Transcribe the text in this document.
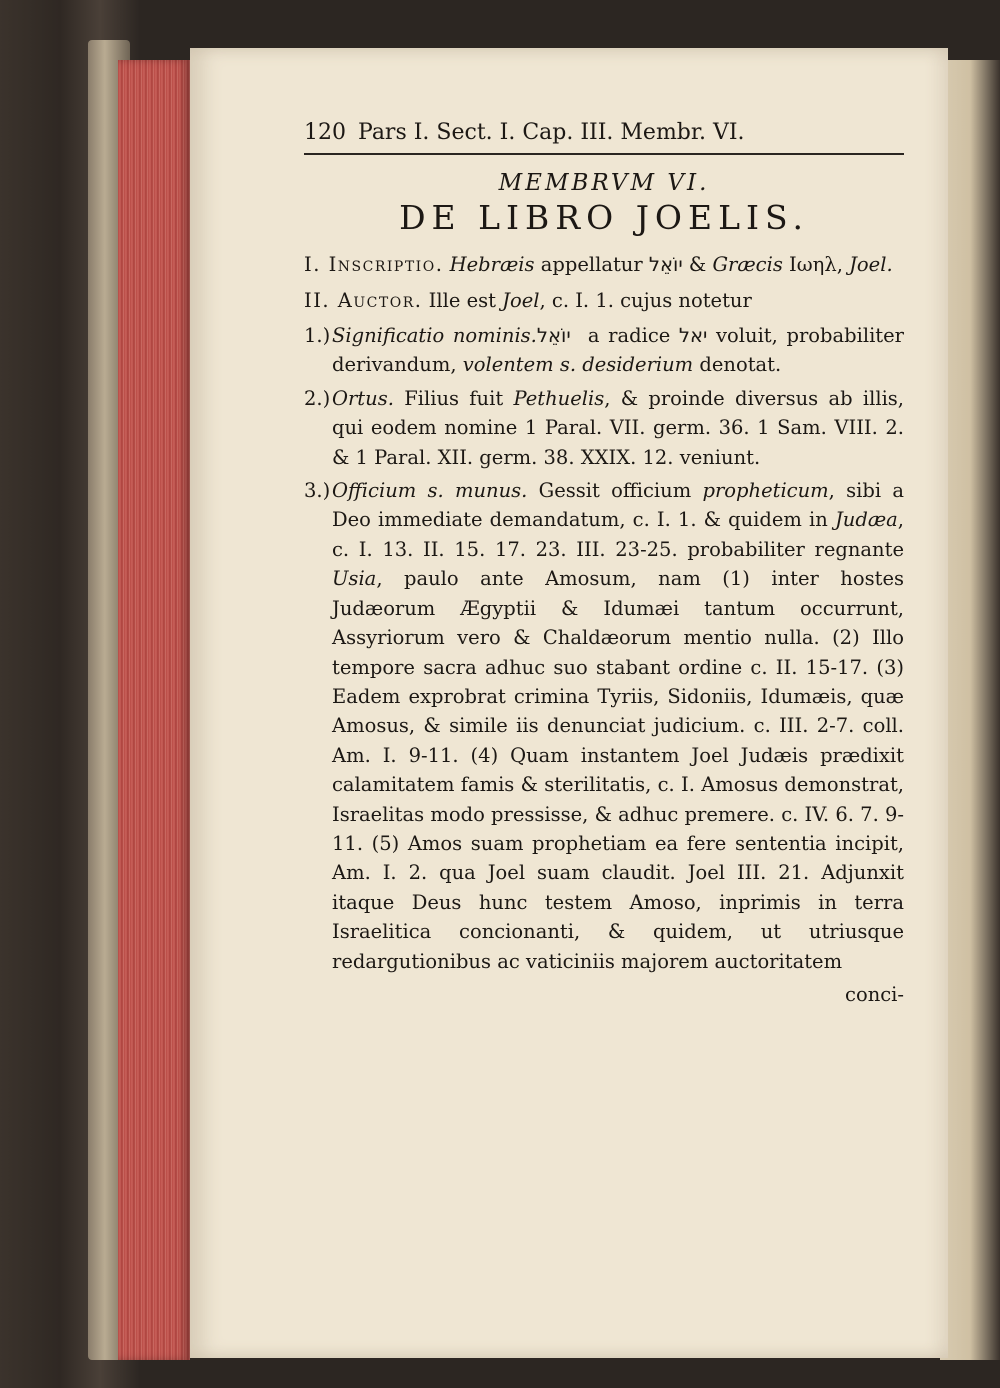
120 Pars I. Sect. I. Cap. III. Membr. VI.
MEMBRVM VI.
DE LIBRO JOELIS.
I. Inscriptio. Hebræis appellatur יוֹאֵל & Græcis Ιωηλ, Joel.
II. Auctor. Ille est Joel, c. I. 1. cujus notetur
1.)Significatio nominis. יוֹאֵל a radice יאל voluit, probabiliter derivandum, volentem s. desiderium denotat.
2.)Ortus. Filius fuit Pethuelis, & proinde diversus ab illis, qui eodem nomine 1 Paral. VII. germ. 36. 1 Sam. VIII. 2. & 1 Paral. XII. germ. 38. XXIX. 12. veniunt.
3.)Officium s. munus. Gessit officium propheticum, sibi a Deo immediate demandatum, c. I. 1. & quidem in Judæa, c. I. 13. II. 15. 17. 23. III. 23-25. probabiliter regnante Usia, paulo ante Amosum, nam (1) inter hostes Judæorum Ægyptii & Idumæi tantum occurrunt, Assyriorum vero & Chaldæorum mentio nulla. (2) Illo tempore sacra adhuc suo stabant ordine c. II. 15-17. (3) Eadem exprobrat crimina Tyriis, Sidoniis, Idumæis, quæ Amosus, & simile iis denunciat judicium. c. III. 2-7. coll. Am. I. 9-11. (4) Quam instantem Joel Judæis prædixit calamitatem famis & sterilitatis, c. I. Amosus demonstrat, Israelitas modo pressisse, & adhuc premere. c. IV. 6. 7. 9-11. (5) Amos suam prophetiam ea fere sententia incipit, Am. I. 2. qua Joel suam claudit. Joel III. 21. Adjunxit itaque Deus hunc testem Amoso, inprimis in terra Israelitica concionanti, & quidem, ut utriusque redargutionibus ac vaticiniis majorem auctoritatem
conci-
